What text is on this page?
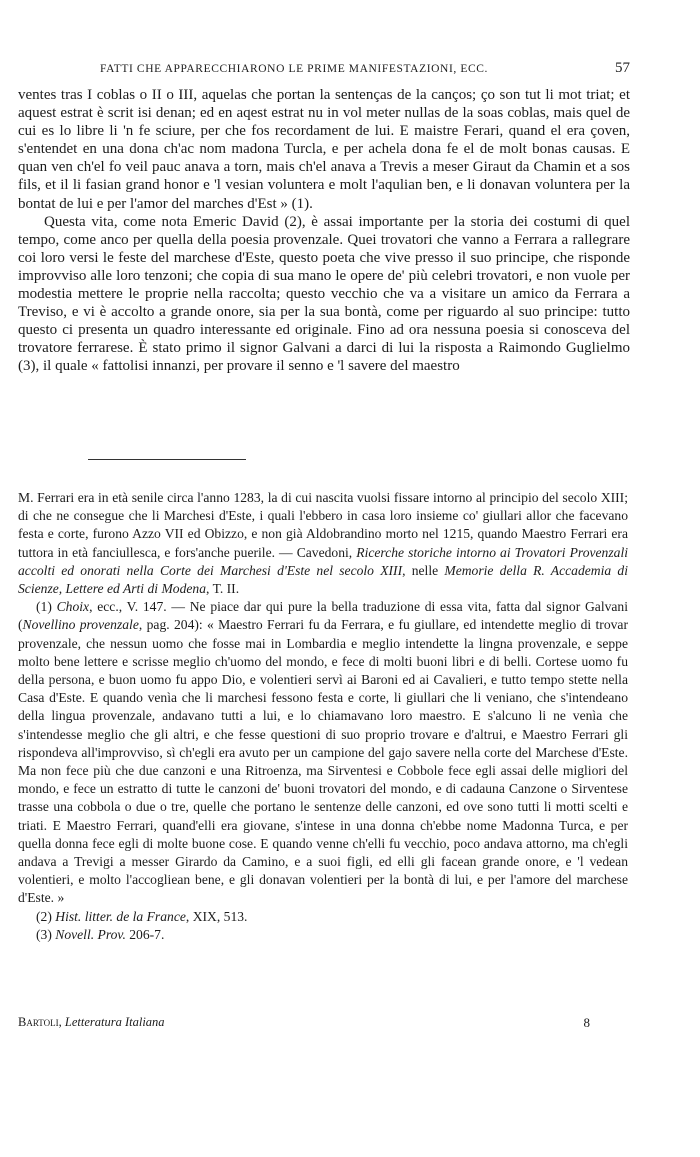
FATTI CHE APPARECCHIARONO LE PRIME MANIFESTAZIONI, ECC.	57

ventes tras I coblas o II o III, aquelas che portan la sentenças de la canços; ço son tut li mot triat; et aquest estrat è scrit isi denan; ed en aqest estrat nu in vol meter nullas de la soas coblas, mais quel de cui es lo libre li 'n fe sciure, per che fos recordament de lui. E maistre Ferari, quand el era çoven, s'entendet en una dona ch'ac nom madona Turcla, e per achela dona fe el de molt bonas causas. E quan ven ch'el fo veil pauc anava a torn, mais ch'el anava a Trevis a meser Giraut da Chamin et a sos fils, et il li fasian grand honor e 'l vesian voluntera e molt l'aqulian ben, e li donavan voluntera per la bontat de lui e per l'amor del marches d'Est » (1).

Questa vita, come nota Emeric David (2), è assai importante per la storia dei costumi di quel tempo, come anco per quella della poesia provenzale. Quei trovatori che vanno a Ferrara a rallegrare coi loro versi le feste del marchese d'Este, questo poeta che vive presso il suo principe, che risponde improvviso alle loro tenzoni; che copia di sua mano le opere de' più celebri trovatori, e non vuole per modestia mettere le proprie nella raccolta; questo vecchio che va a visitare un amico da Ferrara a Treviso, e vi è accolto a grande onore, sia per la sua bontà, come per riguardo al suo principe: tutto questo ci presenta un quadro interessante ed originale. Fino ad ora nessuna poesia si conosceva del trovatore ferrarese. È stato primo il signor Galvani a darci di lui la risposta a Raimondo Guglielmo (3), il quale « fattolisi innanzi, per provare il senno e 'l savere del maestro

M. Ferrari era in età senile circa l'anno 1283, la di cui nascita vuolsi fissare intorno al principio del secolo XIII; di che ne consegue che li Marchesi d'Este, i quali l'ebbero in casa loro insieme co' giullari allor che facevano festa e corte, furono Azzo VII ed Obizzo, e non già Aldobrandino morto nel 1215, quando Maestro Ferrari era tuttora in età fanciullesca, e fors'anche puerile. — Cavedoni, Ricerche storiche intorno ai Trovatori Provenzali accolti ed onorati nella Corte dei Marchesi d'Este nel secolo XIII, nelle Memorie della R. Accademia di Scienze, Lettere ed Arti di Modena, T. II.

(1) Choix, ecc., V. 147. — Ne piace dar qui pure la bella traduzione di essa vita, fatta dal signor Galvani (Novellino provenzale, pag. 204): « Maestro Ferrari fu da Ferrara, e fu giullare, ed intendette meglio di trovar provenzale, che nessun uomo che fosse mai in Lombardia e meglio intendette la lingna provenzale, e seppe molto bene lettere e scrisse meglio ch'uomo del mondo, e fece di molti buoni libri e di belli. Cortese uomo fu della persona, e buon uomo fu appo Dio, e volentieri servì ai Baroni ed ai Cavalieri, e tutto tempo stette nella Casa d'Este. E quando venìa che li marchesi fessono festa e corte, li giullari che li veniano, che s'intendeano della lingua provenzale, andavano tutti a lui, e lo chiamavano loro maestro. E s'alcuno li ne venìa che s'intendesse meglio che gli altri, e che fesse questioni di suo proprio trovare e d'altrui, e Maestro Ferrari gli rispondeva all'improvviso, sì ch'egli era avuto per un campione del gajo savere nella corte del Marchese d'Este. Ma non fece più che due canzoni e una Ritroenza, ma Sirventesi e Cobbole fece egli assai delle migliori del mondo, e fece un estratto di tutte le canzoni de' buoni trovatori del mondo, e di cadauna Canzone o Sirventese trasse una cobbola o due o tre, quelle che portano le sentenze delle canzoni, ed ove sono tutti li motti scelti e triati. E Maestro Ferrari, quand'elli era giovane, s'intese in una donna ch'ebbe nome Madonna Turca, e per quella donna fece egli di molte buone cose. E quando venne ch'elli fu vecchio, poco andava attorno, ma ch'egli andava a Trevigi a messer Girardo da Camino, e a suoi figli, ed elli gli facean grande onore, e 'l vedean volentieri, e molto l'accogliean bene, e gli donavan volentieri per la bontà di lui, e per l'amore del marchese d'Este. »

(2) Hist. litter. de la France, XIX, 513.

(3) Novell. Prov. 206-7.

Bartoli, Letteratura Italiana	8
